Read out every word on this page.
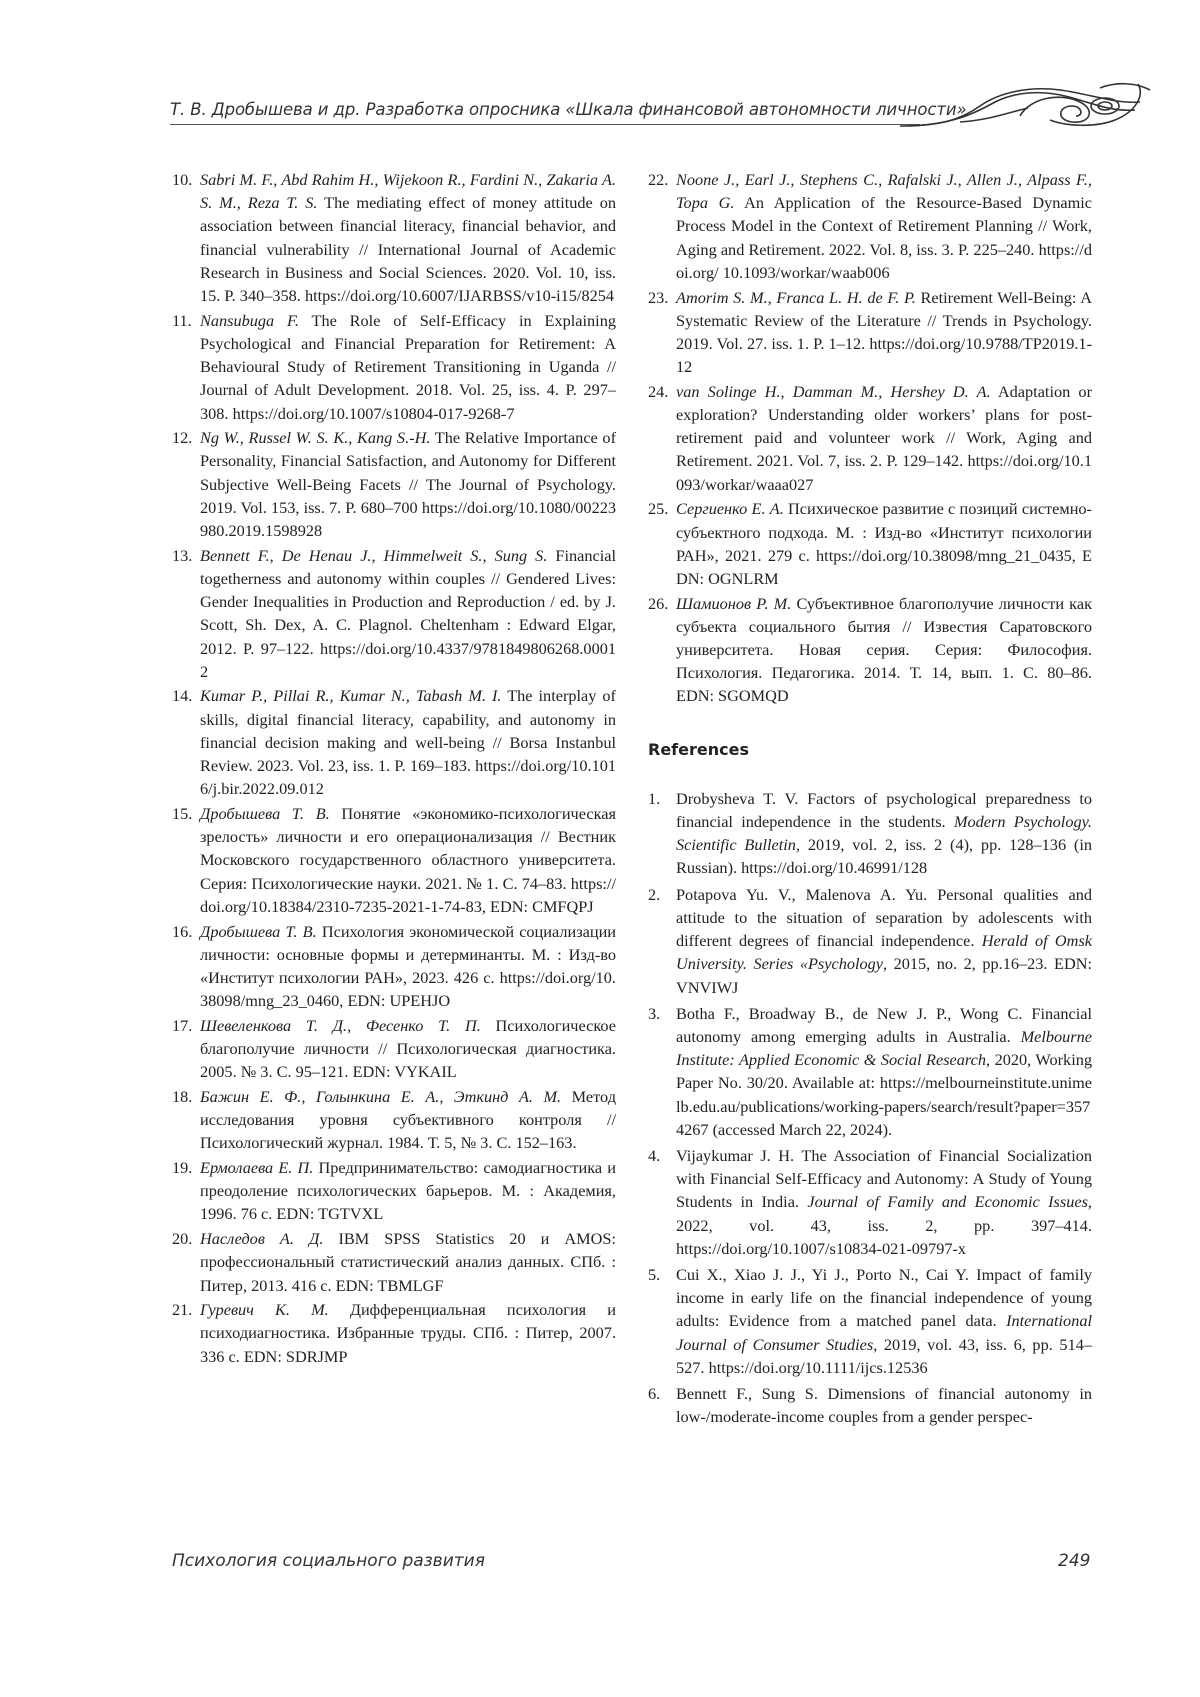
Т. В. Дробышева и др. Разработка опросника «Шкала финансовой автономности личности»
10. Sabri M. F., Abd Rahim H., Wijekoon R., Fardini N., Zakaria A. S. M., Reza T. S. The mediating effect of money attitude on association between financial literacy, financial behavior, and financial vulnerability // International Journal of Academic Research in Business and Social Sciences. 2020. Vol. 10, iss. 15. P. 340–358. https://doi.org/10.6007/IJARBSS/v10-i15/8254
11. Nansubuga F. The Role of Self-Efficacy in Explaining Psychological and Financial Preparation for Retirement: A Behavioural Study of Retirement Transitioning in Uganda // Journal of Adult Development. 2018. Vol. 25, iss. 4. P. 297–308. https://doi.org/10.1007/s10804-017-9268-7
12. Ng W., Russel W. S. K., Kang S.-H. The Relative Importance of Personality, Financial Satisfaction, and Autonomy for Different Subjective Well-Being Facets // The Journal of Psychology. 2019. Vol. 153, iss. 7. P. 680–700 https://doi.org/10.1080/00223980.2019.1598928
13. Bennett F., De Henau J., Himmelweit S., Sung S. Financial togetherness and autonomy within couples // Gendered Lives: Gender Inequalities in Production and Reproduction / ed. by J. Scott, Sh. Dex, A. C. Plagnol. Cheltenham : Edward Elgar, 2012. P. 97–122. https://doi.org/10.4337/9781849806268.00012
14. Kumar P., Pillai R., Kumar N., Tabash M. I. The interplay of skills, digital financial literacy, capability, and autonomy in financial decision making and well-being // Borsa Instanbul Review. 2023. Vol. 23, iss. 1. P. 169–183. https://doi.org/10.1016/j.bir.2022.09.012
15. Дробышева Т. В. Понятие «экономико-психологическая зрелость» личности и его операционализация // Вестник Московского государственного областного университета. Серия: Психологические науки. 2021. № 1. С. 74–83. https://doi.org/10.18384/2310-7235-2021-1-74-83, EDN: CMFQPJ
16. Дробышева Т. В. Психология экономической социализации личности: основные формы и детерминанты. М. : Изд-во «Институт психологии РАН», 2023. 426 с. https://doi.org/10.38098/mng_23_0460, EDN: UPEHJO
17. Шевеленкова Т. Д., Фесенко Т. П. Психологическое благополучие личности // Психологическая диагностика. 2005. № 3. С. 95–121. EDN: VYKAIL
18. Бажин Е. Ф., Голынкина Е. А., Эткинд А. М. Метод исследования уровня субъективного контроля // Психологический журнал. 1984. Т. 5, № 3. С. 152–163.
19. Ермолаева Е. П. Предпринимательство: самодиагностика и преодоление психологических барьеров. М. : Академия, 1996. 76 с. EDN: TGTVXL
20. Наследов А. Д. IBM SPSS Statistics 20 и AMOS: профессиональный статистический анализ данных. СПб. : Питер, 2013. 416 с. EDN: TBMLGF
21. Гуревич К. М. Дифференциальная психология и психодиагностика. Избранные труды. СПб. : Питер, 2007. 336 с. EDN: SDRJMP
22. Noone J., Earl J., Stephens C., Rafalski J., Allen J., Alpass F., Topa G. An Application of the Resource-Based Dynamic Process Model in the Context of Retirement Planning // Work, Aging and Retirement. 2022. Vol. 8, iss. 3. P. 225–240. https://doi.org/ 10.1093/workar/waab006
23. Amorim S. M., Franca L. H. de F. P. Retirement Well-Being: A Systematic Review of the Literature // Trends in Psychology. 2019. Vol. 27. iss. 1. P. 1–12. https://doi.org/10.9788/TP2019.1-12
24. van Solinge H., Damman M., Hershey D. A. Adaptation or exploration? Understanding older workers’ plans for post-retirement paid and volunteer work // Work, Aging and Retirement. 2021. Vol. 7, iss. 2. P. 129–142. https://doi.org/10.1093/workar/waaa027
25. Сергиенко Е. А. Психическое развитие с позиций системно-субъектного подхода. М. : Изд-во «Институт психологии РАН», 2021. 279 с. https://doi.org/10.38098/mng_21_0435, EDN: OGNLRM
26. Шамионов Р. М. Субъективное благополучие личности как субъекта социального бытия // Известия Саратовского университета. Новая серия. Серия: Философия. Психология. Педагогика. 2014. Т. 14, вып. 1. С. 80–86. EDN: SGOMQD
References
1. Drobysheva T. V. Factors of psychological preparedness to financial independence in the students. Modern Psychology. Scientific Bulletin, 2019, vol. 2, iss. 2 (4), pp. 128–136 (in Russian). https://doi.org/10.46991/128
2. Potapova Yu. V., Malenova A. Yu. Personal qualities and attitude to the situation of separation by adolescents with different degrees of financial independence. Herald of Omsk University. Series «Psychology, 2015, no. 2, pp.16–23. EDN: VNVIWJ
3. Botha F., Broadway B., de New J. P., Wong C. Financial autonomy among emerging adults in Australia. Melbourne Institute: Applied Economic & Social Research, 2020, Working Paper No. 30/20. Available at: https://melbourneinstitute.unimelb.edu.au/publications/working-papers/search/result?paper=3574267 (accessed March 22, 2024).
4. Vijaykumar J. H. The Association of Financial Socialization with Financial Self-Efficacy and Autonomy: A Study of Young Students in India. Journal of Family and Economic Issues, 2022, vol. 43, iss. 2, pp. 397–414. https://doi.org/10.1007/s10834-021-09797-x
5. Cui X., Xiao J. J., Yi J., Porto N., Cai Y. Impact of family income in early life on the financial independence of young adults: Evidence from a matched panel data. International Journal of Consumer Studies, 2019, vol. 43, iss. 6, pp. 514–527. https://doi.org/10.1111/ijcs.12536
6. Bennett F., Sung S. Dimensions of financial autonomy in low-/moderate-income couples from a gender perspec-
Психология социального развития	249
